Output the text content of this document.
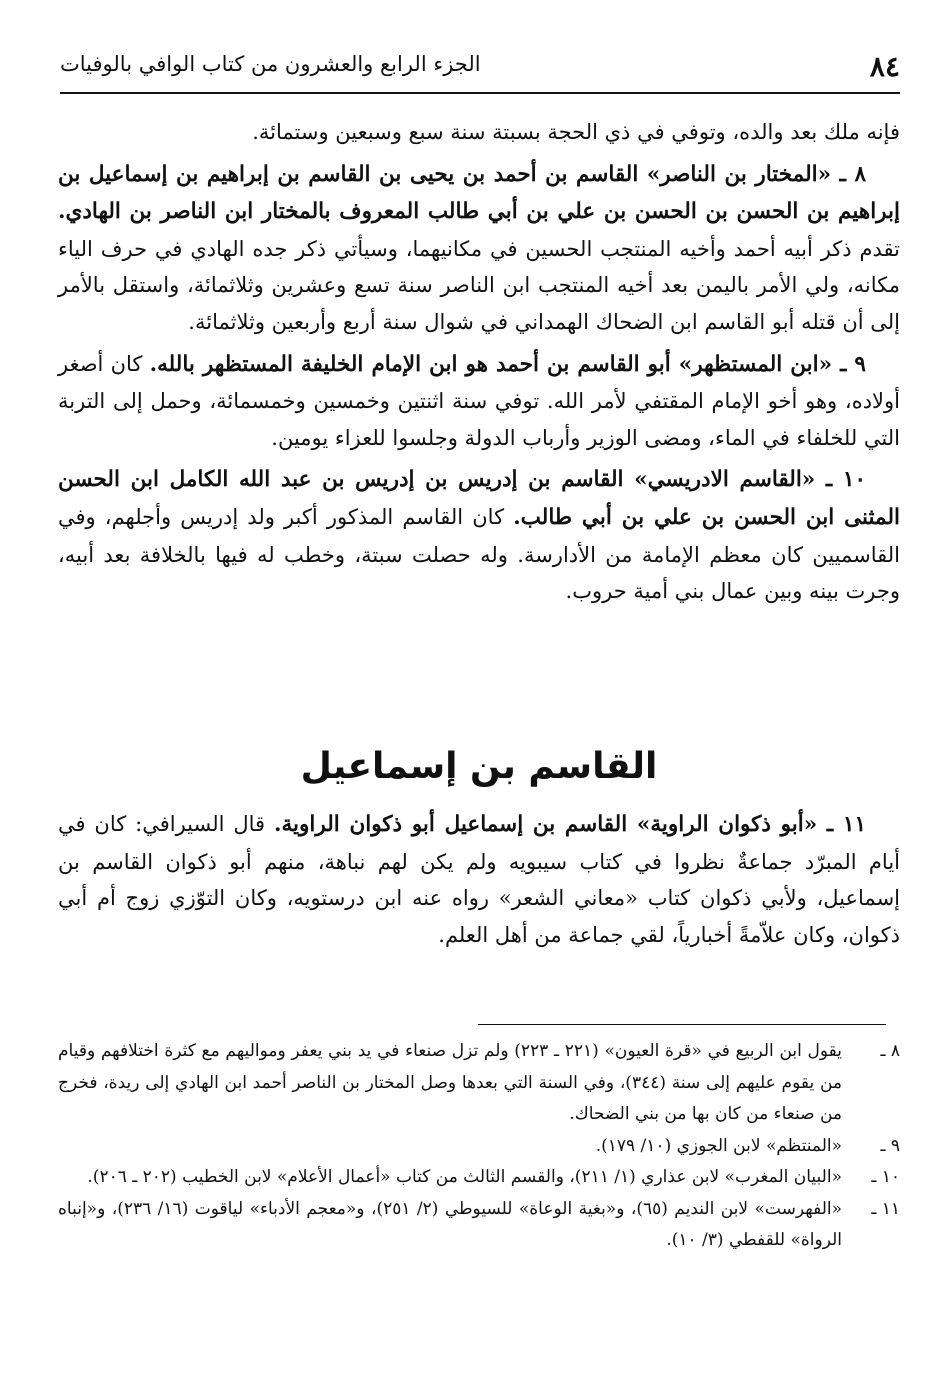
٨٤
الجزء الرابع والعشرون من كتاب الوافي بالوفيات

فإنه ملك بعد والده، وتوفي في ذي الحجة بسبتة سنة سبع وسبعين وستمائة.

٨ ـ «المختار بن الناصر» القاسم بن أحمد بن يحيى بن القاسم بن إبراهيم بن إسماعيل بن إبراهيم بن الحسن بن الحسن بن علي بن أبي طالب المعروف بالمختار ابن الناصر بن الهادي. تقدم ذكر أبيه أحمد وأخيه المنتجب الحسين في مكانيهما، وسيأتي ذكر جده الهادي في حرف الياء مكانه، ولي الأمر باليمن بعد أخيه المنتجب ابن الناصر سنة تسع وعشرين وثلاثمائة، واستقل بالأمر إلى أن قتله أبو القاسم ابن الضحاك الهمداني في شوال سنة أربع وأربعين وثلاثمائة.

٩ ـ «ابن المستظهر» أبو القاسم بن أحمد هو ابن الإمام الخليفة المستظهر بالله. كان أصغر أولاده، وهو أخو الإمام المقتفي لأمر الله. توفي سنة اثنتين وخمسين وخمسمائة، وحمل إلى التربة التي للخلفاء في الماء، ومضى الوزير وأرباب الدولة وجلسوا للعزاء يومين.

١٠ ـ «القاسم الادريسي» القاسم بن إدريس بن إدريس بن عبد الله الكامل ابن الحسن المثنى ابن الحسن بن علي بن أبي طالب. كان القاسم المذكور أكبر ولد إدريس وأجلهم، وفي القاسميين كان معظم الإمامة من الأدارسة. وله حصلت سبتة، وخطب له فيها بالخلافة بعد أبيه، وجرت بينه وبين عمال بني أمية حروب.

القاسم بن إسماعيل

١١ ـ «أبو ذكوان الراوية» القاسم بن إسماعيل أبو ذكوان الراوية. قال السيرافي: كان في أيام المبرّد جماعةٌ نظروا في كتاب سيبويه ولم يكن لهم نباهة، منهم أبو ذكوان القاسم بن إسماعيل، ولأبي ذكوان كتاب «معاني الشعر» رواه عنه ابن درستويه، وكان التوّزي زوج أم أبي ذكوان، وكان علاّمةً أخبارياً، لقي جماعة من أهل العلم.

٨ ـ
يقول ابن الربيع في «قرة العيون» (٢٢١ ـ ٢٢٣) ولم تزل صنعاء في يد بني يعفر ومواليهم مع كثرة اختلافهم وقيام من يقوم عليهم إلى سنة (٣٤٤)، وفي السنة التي بعدها وصل المختار بن الناصر أحمد ابن الهادي إلى ريدة، فخرج من صنعاء من كان بها من بني الضحاك.
٩ ـ
«المنتظم» لابن الجوزي (١٠/ ١٧٩).
١٠ ـ
«البيان المغرب» لابن عذاري (١/ ٢١١)، والقسم الثالث من كتاب «أعمال الأعلام» لابن الخطيب (٢٠٢ ـ ٢٠٦).
١١ ـ
«الفهرست» لابن النديم (٦٥)، و«بغية الوعاة» للسيوطي (٢/ ٢٥١)، و«معجم الأدباء» لياقوت (١٦/ ٢٣٦)، و«إنباه الرواة» للقفطي (٣/ ١٠).
